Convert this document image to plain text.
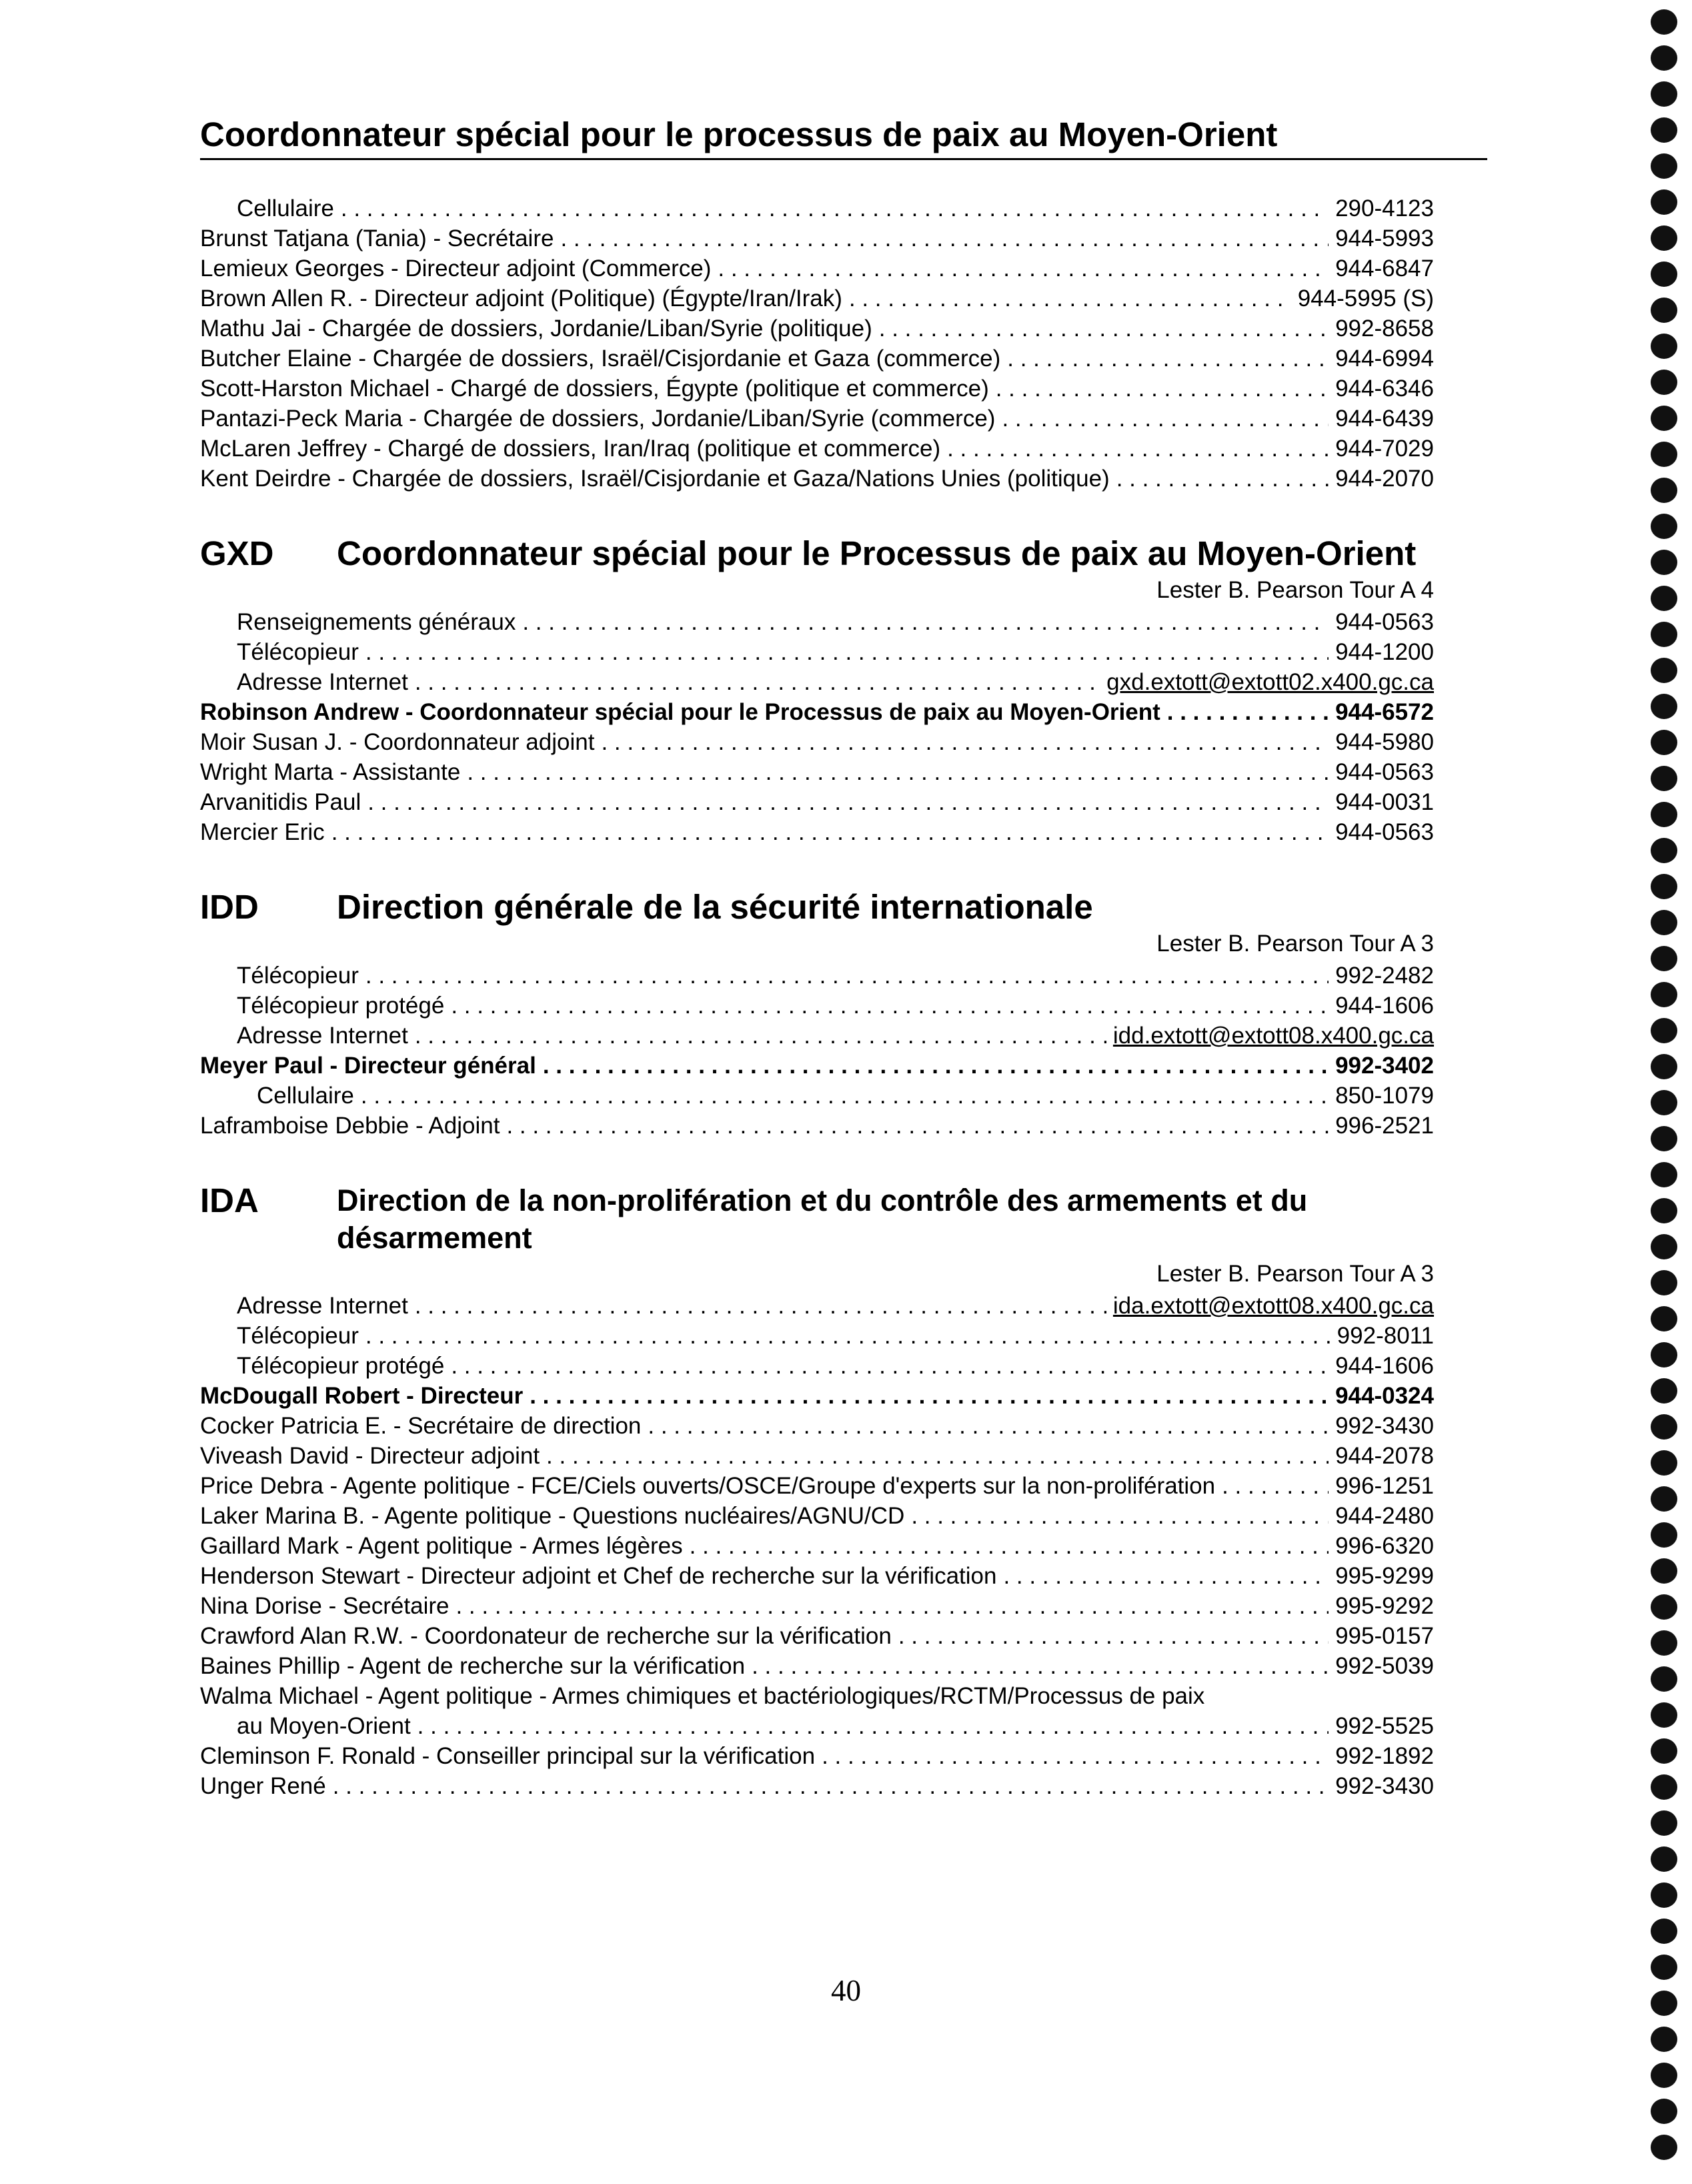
Coordonnateur spécial pour le processus de paix au Moyen-Orient
Cellulaire . . .	290-4123
Brunst Tatjana (Tania) - Secrétaire . . .	944-5993
Lemieux Georges - Directeur adjoint (Commerce) . . .	944-6847
Brown Allen R. - Directeur adjoint (Politique) (Égypte/Iran/Irak) . . .	944-5995 (S)
Mathu Jai - Chargée de dossiers, Jordanie/Liban/Syrie (politique) . . .	992-8658
Butcher Elaine - Chargée de dossiers, Israël/Cisjordanie et Gaza (commerce) . . .	944-6994
Scott-Harston Michael - Chargé de dossiers, Égypte (politique et commerce) . . .	944-6346
Pantazi-Peck Maria - Chargée de dossiers, Jordanie/Liban/Syrie (commerce) . . .	944-6439
McLaren Jeffrey - Chargé de dossiers, Iran/Iraq (politique et commerce) . . .	944-7029
Kent Deirdre - Chargée de dossiers, Israël/Cisjordanie et Gaza/Nations Unies (politique) . . .	944-2070
GXD Coordonnateur spécial pour le Processus de paix au Moyen-Orient
Lester B. Pearson Tour A 4
Renseignements généraux . . .	944-0563
Télécopieur . . .	944-1200
Adresse Internet . . .	gxd.extott@extott02.x400.gc.ca
Robinson Andrew - Coordonnateur spécial pour le Processus de paix au Moyen-Orient . . .	944-6572
Moir Susan J. - Coordonnateur adjoint . . .	944-5980
Wright Marta - Assistante . . .	944-0563
Arvanitidis Paul . . .	944-0031
Mercier Eric . . .	944-0563
IDD Direction générale de la sécurité internationale
Lester B. Pearson Tour A 3
Télécopieur . . .	992-2482
Télécopieur protégé . . .	944-1606
Adresse Internet . . .	idd.extott@extott08.x400.gc.ca
Meyer Paul - Directeur général . . .	992-3402
Cellulaire . . .	850-1079
Laframboise Debbie - Adjoint . . .	996-2521
IDA	Direction de la non-prolifération et du contrôle des armements et du désarmement
Lester B. Pearson Tour A 3
Adresse Internet . . .	ida.extott@extott08.x400.gc.ca
Télécopieur . . .	992-8011
Télécopieur protégé . . .	944-1606
McDougall Robert - Directeur . . .	944-0324
Cocker Patricia E. - Secrétaire de direction . . .	992-3430
Viveash David - Directeur adjoint . . .	944-2078
Price Debra - Agente politique - FCE/Ciels ouverts/OSCE/Groupe d'experts sur la non-prolifération . . .	996-1251
Laker Marina B. - Agente politique - Questions nucléaires/AGNU/CD . . .	944-2480
Gaillard Mark - Agent politique - Armes légères . . .	996-6320
Henderson Stewart - Directeur adjoint et Chef de recherche sur la vérification . . .	995-9299
Nina Dorise - Secrétaire . . .	995-9292
Crawford Alan R.W. - Coordonateur de recherche sur la vérification . . .	995-0157
Baines Phillip - Agent de recherche sur la vérification . . .	992-5039
Walma Michael - Agent politique - Armes chimiques et bactériologiques/RCTM/Processus de paix
au Moyen-Orient . . .	992-5525
Cleminson F. Ronald - Conseiller principal sur la vérification . . .	992-1892
Unger René . . .	992-3430
40
